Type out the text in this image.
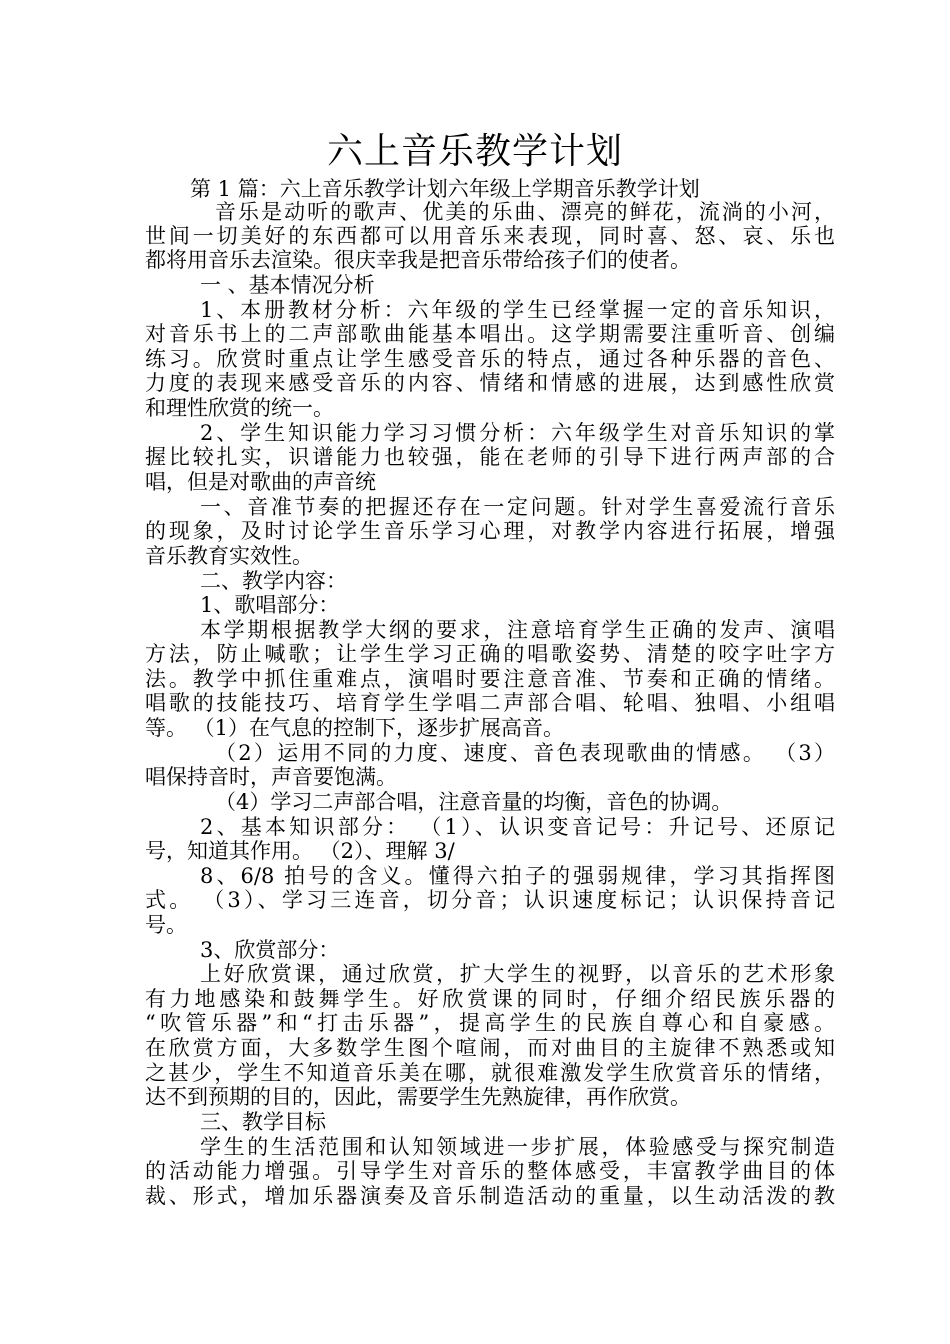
六上音乐教学计划
第 1 篇：六上音乐教学计划六年级上学期音乐教学计划
音乐是动听的歌声、优美的乐曲、漂亮的鲜花，流淌的小河，
世间一切美好的东西都可以用音乐来表现，同时喜、怒、哀、乐也
都将用音乐去渲染。很庆幸我是把音乐带给孩子们的使者。
一 、基本情况分析
1、本册教材分析：六年级的学生已经掌握一定的音乐知识，
对音乐书上的二声部歌曲能基本唱出。这学期需要注重听音、创编
练习。欣赏时重点让学生感受音乐的特点，通过各种乐器的音色、
力度的表现来感受音乐的内容、情绪和情感的进展，达到感性欣赏
和理性欣赏的统一。
2、学生知识能力学习习惯分析：六年级学生对音乐知识的掌
握比较扎实，识谱能力也较强，能在老师的引导下进行两声部的合
唱，但是对歌曲的声音统
一、音准节奏的把握还存在一定问题。针对学生喜爱流行音乐
的现象，及时讨论学生音乐学习心理，对教学内容进行拓展，增强
音乐教育实效性。
二、教学内容：
1、歌唱部分：
本学期根据教学大纲的要求，注意培育学生正确的发声、演唱
方法，防止喊歌；让学生学习正确的唱歌姿势、清楚的咬字吐字方
法。教学中抓住重难点，演唱时要注意音准、节奏和正确的情绪。
唱歌的技能技巧、培育学生学唱二声部合唱、轮唱、独唱、小组唱
等。 （1）在气息的控制下，逐步扩展高音。
（2）运用不同的力度、速度、音色表现歌曲的情感。 （3）
唱保持音时，声音要饱满。
（4）学习二声部合唱，注意音量的均衡，音色的协调。
2、基本知识部分： （1）、认识变音记号：升记号、还原记
号，知道其作用。 （2）、理解 3/
8、6/8 拍号的含义。懂得六拍子的强弱规律，学习其指挥图
式。 （3）、学习三连音，切分音；认识速度标记；认识保持音记
号。
3、欣赏部分：
上好欣赏课，通过欣赏，扩大学生的视野，以音乐的艺术形象
有力地感染和鼓舞学生。好欣赏课的同时，仔细介绍民族乐器的
“吹管乐器”和“打击乐器”，提高学生的民族自尊心和自豪感。
在欣赏方面，大多数学生图个喧闹，而对曲目的主旋律不熟悉或知
之甚少，学生不知道音乐美在哪，就很难激发学生欣赏音乐的情绪，
达不到预期的目的，因此，需要学生先熟旋律，再作欣赏。
三、教学目标
学生的生活范围和认知领域进一步扩展，体验感受与探究制造
的活动能力增强。引导学生对音乐的整体感受，丰富教学曲目的体
裁、形式，增加乐器演奏及音乐制造活动的重量，以生动活泼的教
